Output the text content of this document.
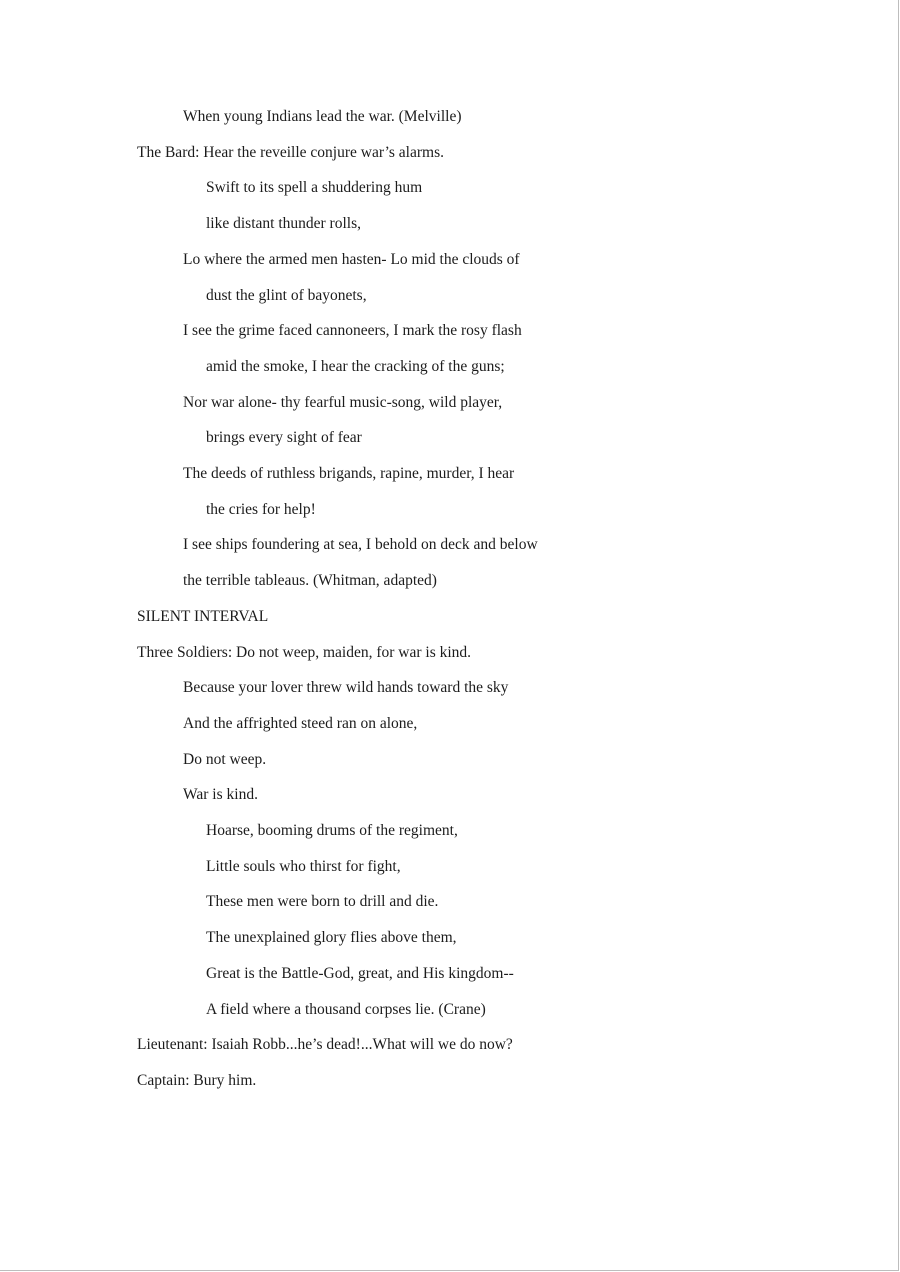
When young Indians lead the war. (Melville)
The Bard: Hear the reveille conjure war’s alarms.
Swift to its spell a shuddering hum
like distant thunder rolls,
Lo where the armed men hasten- Lo mid the clouds of
dust the glint of bayonets,
I see the grime faced cannoneers, I mark the rosy flash
amid the smoke, I hear the cracking of the guns;
Nor war alone- thy fearful music-song, wild player,
brings every sight of fear
The deeds of ruthless brigands, rapine, murder, I hear
the cries for help!
I see ships foundering at sea, I behold on deck and below
the terrible tableaus. (Whitman, adapted)
SILENT INTERVAL
Three Soldiers: Do not weep, maiden, for war is kind.
Because your lover threw wild hands toward the sky
And the affrighted steed ran on alone,
Do not weep.
War is kind.
Hoarse, booming drums of the regiment,
Little souls who thirst for fight,
These men were born to drill and die.
The unexplained glory flies above them,
Great is the Battle-God, great, and His kingdom--
A field where a thousand corpses lie. (Crane)
Lieutenant: Isaiah Robb...he’s dead!...What will we do now?
Captain: Bury him.
